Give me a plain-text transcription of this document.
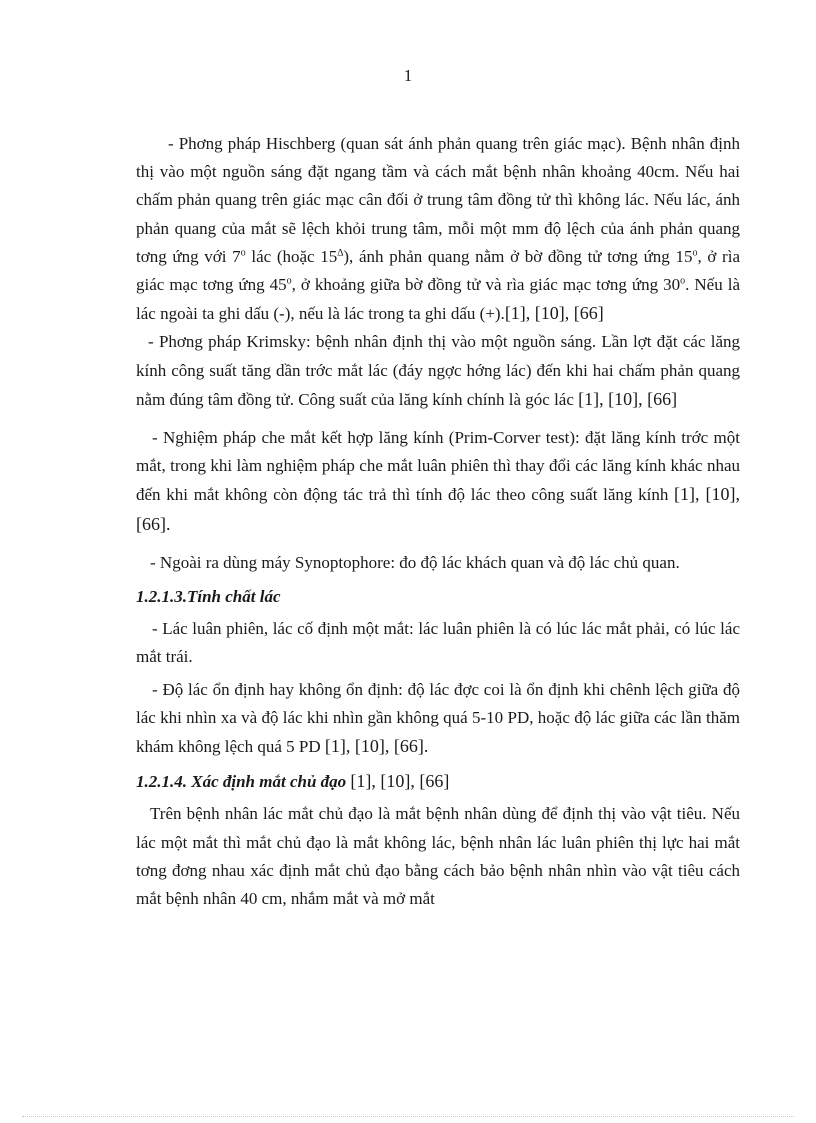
1

- Phơng pháp Hischberg (quan sát ánh phản quang trên giác mạc). Bệnh nhân định thị vào một nguồn sáng đặt ngang tầm và cách mắt bệnh nhân khoảng 40cm. Nếu hai chấm phản quang trên giác mạc cân đối ở trung tâm đồng tử thì không lác. Nếu lác, ánh phản quang của mắt sẽ lệch khỏi trung tâm, mỗi một mm độ lệch của ánh phản quang tơng ứng với 7$^o$ lác (hoặc 15∆), ánh phản quang nằm ở bờ đồng tử tơng ứng 15$^o$, ở rìa giác mạc tơng ứng 45$^o$, ở khoảng giữa bờ đồng tử và rìa giác mạc tơng ứng 30$^o$. Nếu là lác ngoài ta ghi dấu (-), nếu là lác trong ta ghi dấu (+).[1], [10], [66]

- Phơng pháp Krimsky: bệnh nhân định thị vào một nguồn sáng. Lần lợt đặt các lăng kính công suất tăng dần trớc mắt lác (đáy ngợc hớng lác) đến khi hai chấm phản quang nằm đúng tâm đồng tử. Công suất của lăng kính chính là góc lác [1], [10], [66]

- Nghiệm pháp che mắt kết hợp lăng kính (Prim-Corver test): đặt lăng kính trớc một mắt, trong khi làm nghiệm pháp che mắt luân phiên thì thay đổi các lăng kính khác nhau đến khi mắt không còn động tác trả thì tính độ lác theo công suất lăng kính [1], [10], [66].

- Ngoài ra dùng máy Synoptophore: đo độ lác khách quan và độ lác chủ quan.

1.2.1.3.Tính chất lác

- Lác luân phiên, lác cố định một mắt: lác luân phiên là có lúc lác mắt phải, có lúc lác mắt trái.

- Độ lác ổn định hay không ổn định: độ lác đợc coi là ổn định khi chênh lệch giữa độ lác khi nhìn xa và độ lác khi nhìn gần không quá 5-10 PD, hoặc độ lác giữa các lần thăm khám không lệch quá 5 PD [1], [10], [66].

1.2.1.4. Xác định mắt chủ đạo [1], [10], [66]

Trên bệnh nhân lác mắt chủ đạo là mắt bệnh nhân dùng để định thị vào vật tiêu. Nếu lác một mắt thì mắt chủ đạo là mắt không lác, bệnh nhân lác luân phiên thị lực hai mắt tơng đơng nhau xác định mắt chủ đạo bằng cách bảo bệnh nhân nhìn vào vật tiêu cách mắt bệnh nhân 40 cm, nhắm mắt và mở mắt
